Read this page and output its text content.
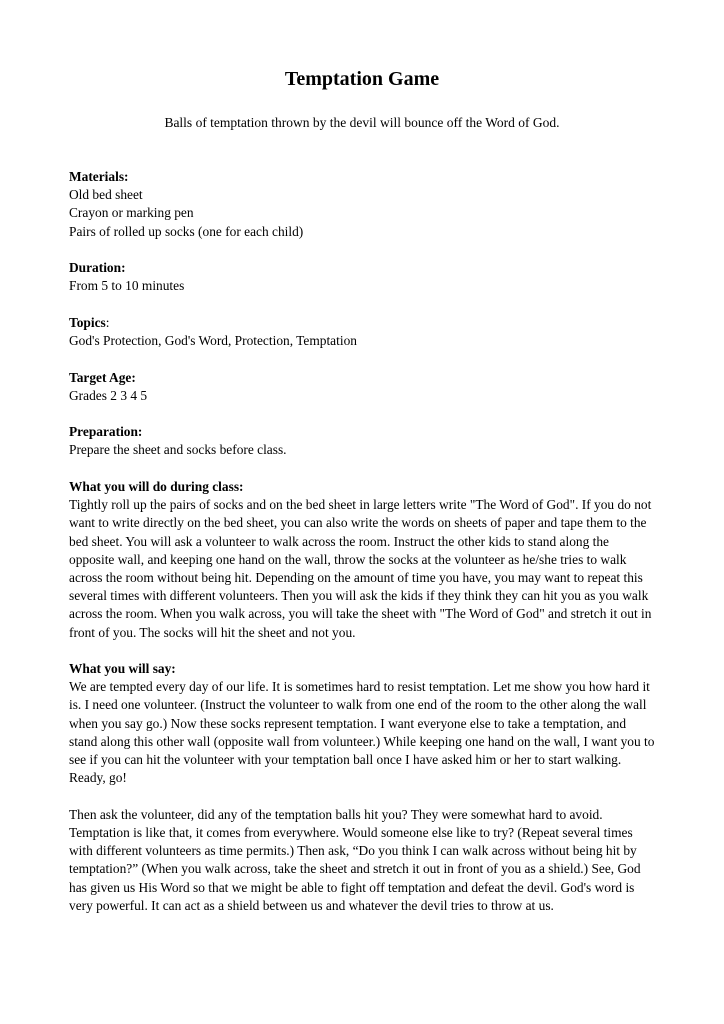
Temptation Game
Balls of temptation thrown by the devil will bounce off the Word of God.
Materials:
Old bed sheet
Crayon or marking pen
Pairs of rolled up socks (one for each child)
Duration:
From 5 to 10 minutes
Topics:
God's Protection, God's Word, Protection, Temptation
Target Age:
Grades 2 3 4 5
Preparation:
Prepare the sheet and socks before class.
What you will do during class:
Tightly roll up the pairs of socks and on the bed sheet in large letters write "The Word of God". If you do not want to write directly on the bed sheet, you can also write the words on sheets of paper and tape them to the bed sheet. You will ask a volunteer to walk across the room. Instruct the other kids to stand along the opposite wall, and keeping one hand on the wall, throw the socks at the volunteer as he/she tries to walk across the room without being hit. Depending on the amount of time you have, you may want to repeat this several times with different volunteers. Then you will ask the kids if they think they can hit you as you walk across the room. When you walk across, you will take the sheet with "The Word of God" and stretch it out in front of you. The socks will hit the sheet and not you.
What you will say:

We are tempted every day of our life. It is sometimes hard to resist temptation. Let me show you how hard it is. I need one volunteer. (Instruct the volunteer to walk from one end of the room to the other along the wall when you say go.) Now these socks represent temptation. I want everyone else to take a temptation, and stand along this other wall (opposite wall from volunteer.) While keeping one hand on the wall, I want you to see if you can hit the volunteer with your temptation ball once I have asked him or her to start walking. Ready, go!

Then ask the volunteer, did any of the temptation balls hit you? They were somewhat hard to avoid. Temptation is like that, it comes from everywhere. Would someone else like to try? (Repeat several times with different volunteers as time permits.) Then ask, “Do you think I can walk across without being hit by temptation?” (When you walk across, take the sheet and stretch it out in front of you as a shield.) See, God has given us His Word so that we might be able to fight off temptation and defeat the devil. God's word is very powerful. It can act as a shield between us and whatever the devil tries to throw at us.
